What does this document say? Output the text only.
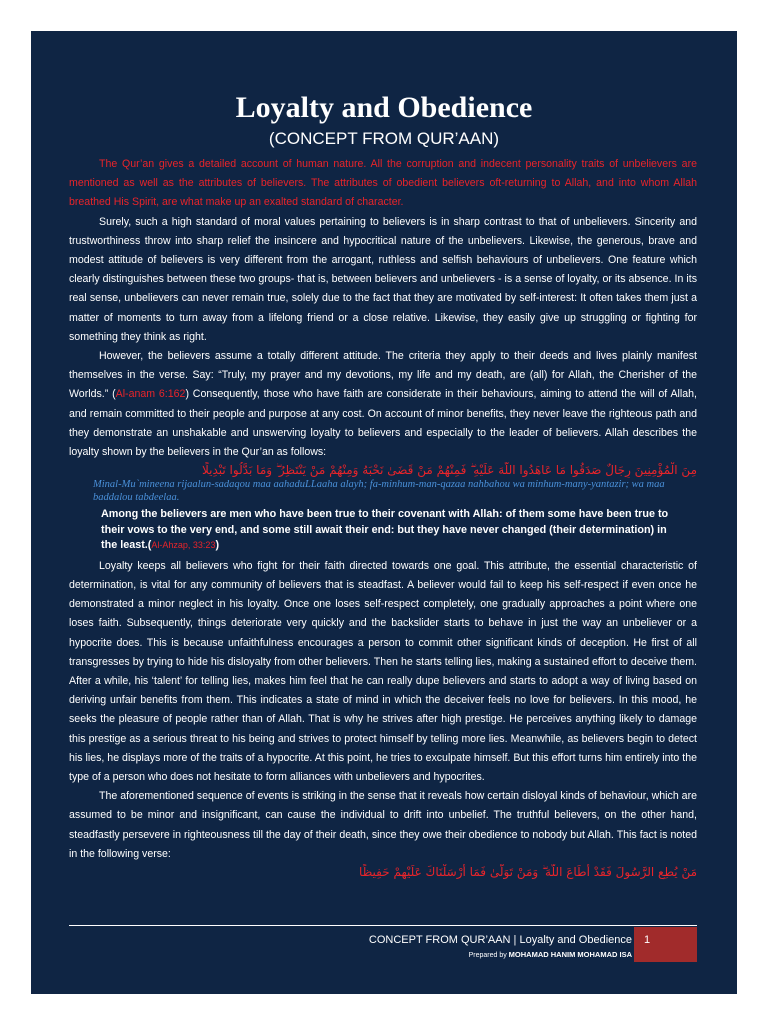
Loyalty and Obedience
(CONCEPT FROM QUR’AAN)

The Qur’an gives a detailed account of human nature. All the corruption and indecent personality traits of unbelievers are mentioned as well as the attributes of believers. The attributes of obedient believers oft-returning to Allah, and into whom Allah breathed His Spirit, are what make up an exalted standard of character.

Surely, such a high standard of moral values pertaining to believers is in sharp contrast to that of unbelievers. Sincerity and trustworthiness throw into sharp relief the insincere and hypocritical nature of the unbelievers. Likewise, the generous, brave and modest attitude of believers is very different from the arrogant, ruthless and selfish behaviours of unbelievers. One feature which clearly distinguishes between these two groups- that is, between believers and unbelievers - is a sense of loyalty, or its absence. In its real sense, unbelievers can never remain true, solely due to the fact that they are motivated by self-interest: It often takes them just a matter of moments to turn away from a lifelong friend or a close relative. Likewise, they easily give up struggling or fighting for something they think as right.

However, the believers assume a totally different attitude. The criteria they apply to their deeds and lives plainly manifest themselves in the verse. Say: “Truly, my prayer and my devotions, my life and my death, are (all) for Allah, the Cherisher of the Worlds.” (Al-anam 6:162) Consequently, those who have faith are considerate in their behaviours, aiming to attend the will of Allah, and remain committed to their people and purpose at any cost. On account of minor benefits, they never leave the righteous path and they demonstrate an unshakable and unswerving loyalty to believers and especially to the leader of believers. Allah describes the loyalty shown by the believers in the Qur’an as follows:

مِنَ الْمُؤْمِنِينَ رِجَالٌ صَدَقُوا مَا عَاهَدُوا اللَّهَ عَلَيْهِ ۖ فَمِنْهُمْ مَنْ قَضَىٰ نَحْبَهُ وَمِنْهُمْ مَنْ يَنْتَظِرُ ۖ وَمَا بَدَّلُوا تَبْدِيلًا

Minal-Mu`mineena rijaalun-sadaqou maa aahaduLLaaha alayh; fa-minhum-man-qazaa nahbahou wa minhum-many-yantazir; wa maa baddalou tabdeelaa.

Among the believers are men who have been true to their covenant with Allah: of them some have been true to their vows to the very end, and some still await their end: but they have never changed (their determination) in the least.(Al-Ahzap, 33:23)

Loyalty keeps all believers who fight for their faith directed towards one goal. This attribute, the essential characteristic of determination, is vital for any community of believers that is steadfast. A believer would fail to keep his self-respect if even once he demonstrated a minor neglect in his loyalty. Once one loses self-respect completely, one gradually approaches a point where one loses faith. Subsequently, things deteriorate very quickly and the backslider starts to behave in just the way an unbeliever or a hypocrite does. This is because unfaithfulness encourages a person to commit other significant kinds of deception. He first of all transgresses by trying to hide his disloyalty from other believers. Then he starts telling lies, making a sustained effort to deceive them. After a while, his ‘talent’ for telling lies, makes him feel that he can really dupe believers and starts to adopt a way of living based on deriving unfair benefits from them. This indicates a state of mind in which the deceiver feels no love for believers. In this mood, he seeks the pleasure of people rather than of Allah. That is why he strives after high prestige. He perceives anything likely to damage this prestige as a serious threat to his being and strives to protect himself by telling more lies. Meanwhile, as believers begin to detect his lies, he displays more of the traits of a hypocrite. At this point, he tries to exculpate himself. But this effort turns him entirely into the type of a person who does not hesitate to form alliances with unbelievers and hypocrites.

The aforementioned sequence of events is striking in the sense that it reveals how certain disloyal kinds of behaviour, which are assumed to be minor and insignificant, can cause the individual to drift into unbelief. The truthful believers, on the other hand, steadfastly persevere in righteousness till the day of their death, since they owe their obedience to nobody but Allah. This fact is noted in the following verse:

مَنْ يُطِعِ الرَّسُولَ فَقَدْ أَطَاعَ اللَّهَ ۖ وَمَنْ تَوَلَّىٰ فَمَا أَرْسَلْنَاكَ عَلَيْهِمْ حَفِيظًا

CONCEPT FROM QUR’AAN | Loyalty and Obedience 1
Prepared by MOHAMAD HANIM MOHAMAD ISA
